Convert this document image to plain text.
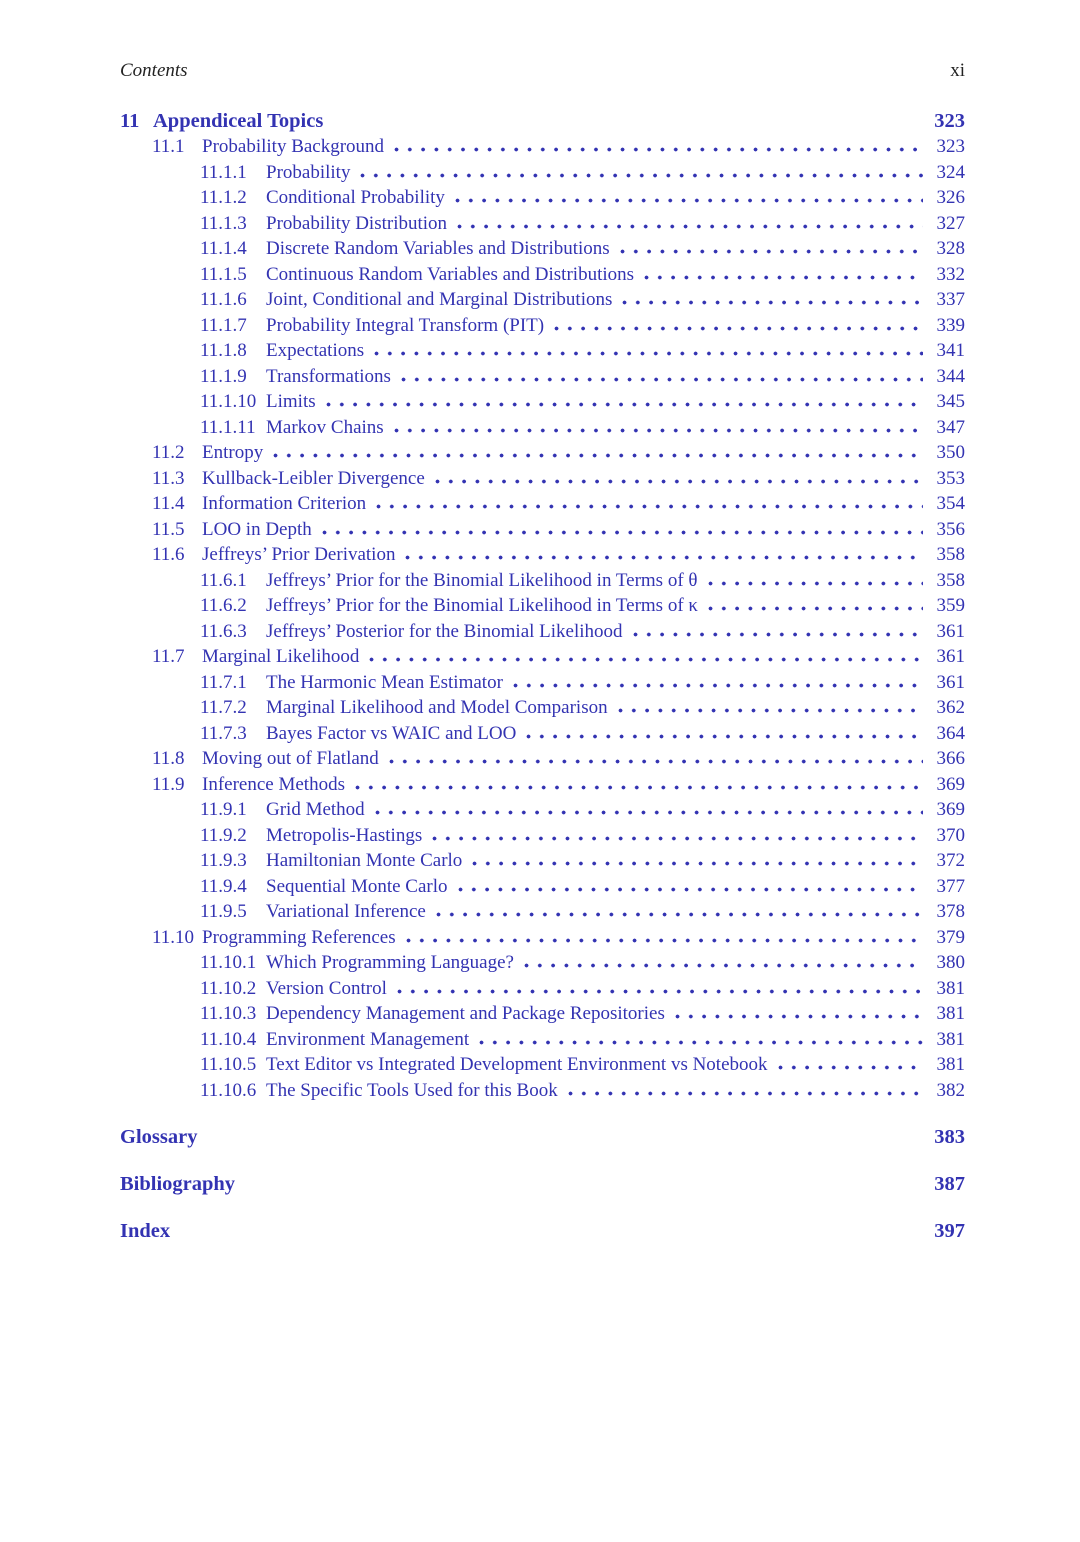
Contents	xi
11 Appendiceal Topics	323
11.1 Probability Background	323
11.1.1	Probability	324
11.1.2	Conditional Probability	326
11.1.3	Probability Distribution	327
11.1.4	Discrete Random Variables and Distributions	328
11.1.5	Continuous Random Variables and Distributions	332
11.1.6	Joint, Conditional and Marginal Distributions	337
11.1.7	Probability Integral Transform (PIT)	339
11.1.8	Expectations	341
11.1.9	Transformations	344
11.1.10 Limits	345
11.1.11 Markov Chains	347
11.2 Entropy	350
11.3 Kullback-Leibler Divergence	353
11.4 Information Criterion	354
11.5 LOO in Depth	356
11.6 Jeffreys’ Prior Derivation	358
11.6.1	Jeffreys’ Prior for the Binomial Likelihood in Terms of θ	358
11.6.2	Jeffreys’ Prior for the Binomial Likelihood in Terms of κ	359
11.6.3	Jeffreys’ Posterior for the Binomial Likelihood	361
11.7 Marginal Likelihood	361
11.7.1	The Harmonic Mean Estimator	361
11.7.2	Marginal Likelihood and Model Comparison	362
11.7.3	Bayes Factor vs WAIC and LOO	364
11.8 Moving out of Flatland	366
11.9 Inference Methods	369
11.9.1	Grid Method	369
11.9.2	Metropolis-Hastings	370
11.9.3	Hamiltonian Monte Carlo	372
11.9.4	Sequential Monte Carlo	377
11.9.5	Variational Inference	378
11.10 Programming References	379
11.10.1 Which Programming Language?	380
11.10.2 Version Control	381
11.10.3 Dependency Management and Package Repositories	381
11.10.4 Environment Management	381
11.10.5 Text Editor vs Integrated Development Environment vs Notebook	381
11.10.6 The Specific Tools Used for this Book	382
Glossary	383
Bibliography	387
Index	397
